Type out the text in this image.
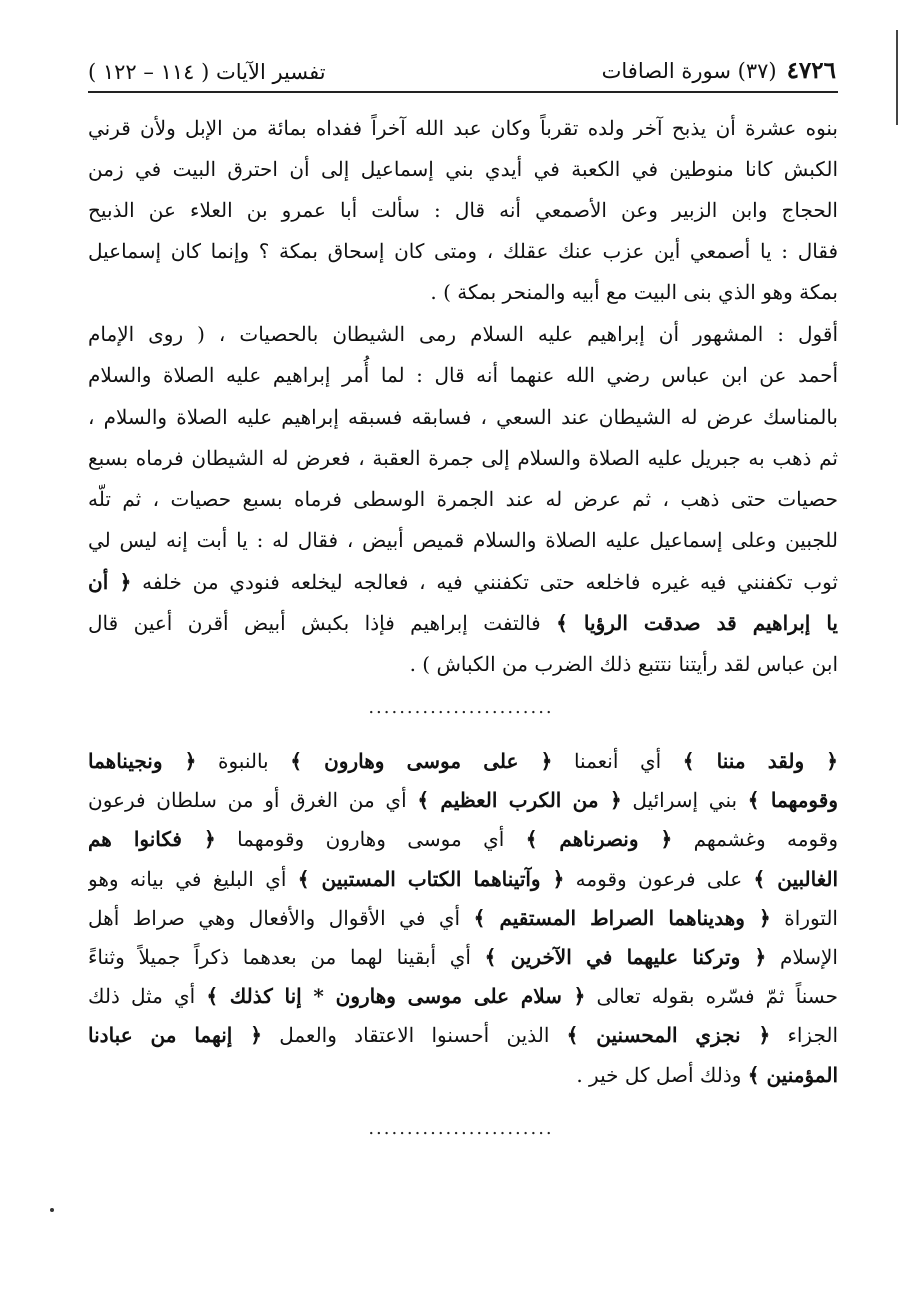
٤٧٢٦
(٣٧) سورة الصافات
تفسير الآيات ( ١١٤ – ١٢٢ )
بنوه عشرة أن يذبح آخر ولده تقرباً وكان عبد الله آخراً ففداه بمائة من الإبل ولأن قرني
الكبش كانا منوطين في الكعبة في أيدي بني إسماعيل إلى أن احترق البيت في زمن
الحجاج وابن الزبير وعن الأصمعي أنه قال : سألت أبا عمرو بن العلاء عن الذبيح
فقال : يا أصمعي أين عزب عنك عقلك ، ومتى كان إسحاق بمكة ؟ وإنما كان إسماعيل
بمكة وهو الذي بنى البيت مع أبيه والمنحر بمكة ) .
أقول : المشهور أن إبراهيم عليه السلام رمى الشيطان بالحصيات ، ( روى الإمام
أحمد عن ابن عباس رضي الله عنهما أنه قال : لما أُمر إبراهيم عليه الصلاة والسلام
بالمناسك عرض له الشيطان عند السعي ، فسابقه فسبقه إبراهيم عليه الصلاة والسلام ،
ثم ذهب به جبريل عليه الصلاة والسلام إلى جمرة العقبة ، فعرض له الشيطان فرماه بسبع
حصيات حتى ذهب ، ثم عرض له عند الجمرة الوسطى فرماه بسبع حصيات ، ثم تلّه
للجبين وعلى إسماعيل عليه الصلاة والسلام قميص أبيض ، فقال له : يا أبت إنه ليس لي
ثوب تكفنني فيه غيره فاخلعه حتى تكفنني فيه ، فعالجه ليخلعه فنودي من خلفه ﴿ أن
يا إبراهيم قد صدقت الرؤيا ﴾ فالتفت إبراهيم فإذا بكبش أبيض أقرن أعين قال
ابن عباس لقد رأيتنا نتتبع ذلك الضرب من الكباش ) .
........................
﴿ ولقد مننا ﴾ أي أنعمنا ﴿ على موسى وهارون ﴾ بالنبوة ﴿ ونجيناهما
وقومهما ﴾ بني إسرائيل ﴿ من الكرب العظيم ﴾ أي من الغرق أو من سلطان فرعون
وقومه وغشمهم ﴿ ونصرناهم ﴾ أي موسى وهارون وقومهما ﴿ فكانوا هم
الغالبين ﴾ على فرعون وقومه ﴿ وآتيناهما الكتاب المستبين ﴾ أي البليغ في بيانه وهو
التوراة ﴿ وهديناهما الصراط المستقيم ﴾ أي في الأقوال والأفعال وهي صراط أهل
الإسلام ﴿ وتركنا عليهما في الآخرين ﴾ أي أبقينا لهما من بعدهما ذكراً جميلاً وثناءً
حسناً ثمّ فسّره بقوله تعالى ﴿ سلام على موسى وهارون * إنا كذلك ﴾ أي مثل ذلك
الجزاء ﴿ نجزي المحسنين ﴾ الذين أحسنوا الاعتقاد والعمل ﴿ إنهما من عبادنا
المؤمنين ﴾ وذلك أصل كل خير .
........................
